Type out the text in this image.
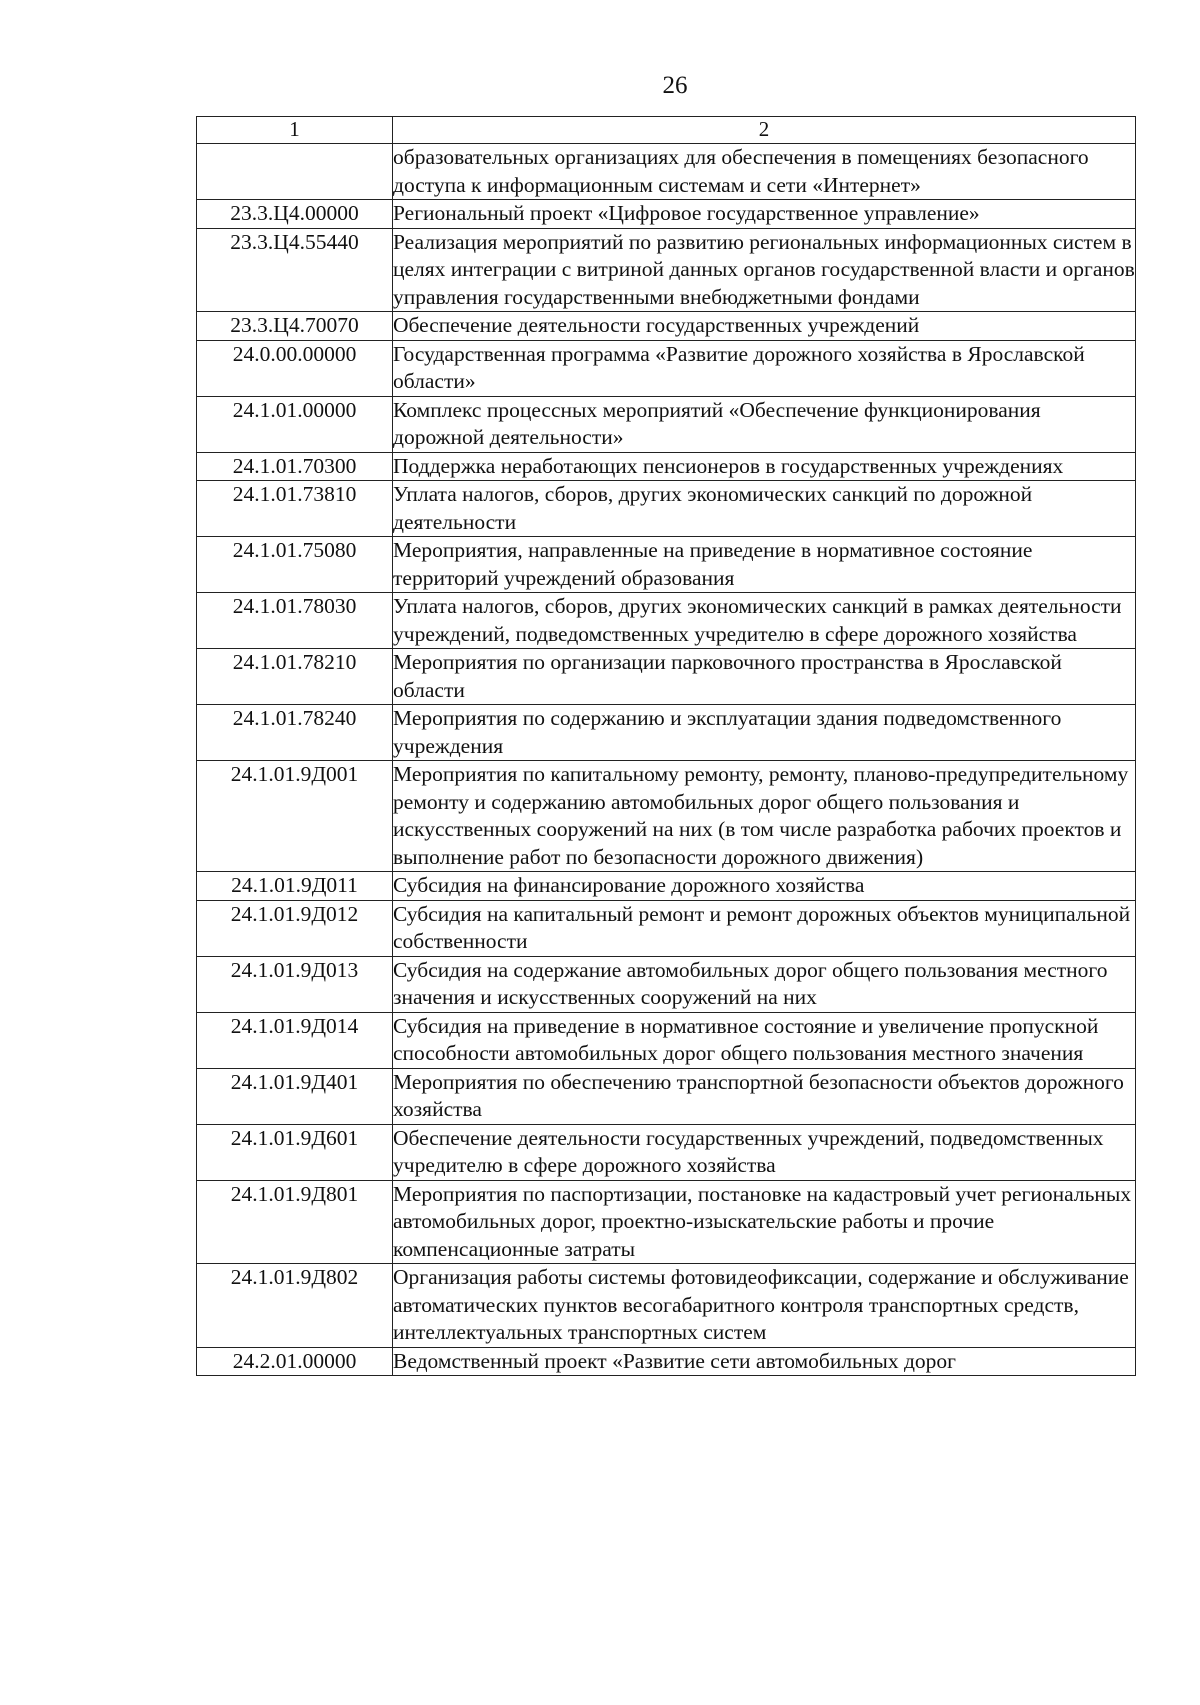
26
1	2
	образовательных организациях для обеспечения в помещениях безопасного доступа к информационным системам и сети «Интернет»
23.3.Ц4.00000	Региональный проект «Цифровое государственное управление»
23.3.Ц4.55440	Реализация мероприятий по развитию региональных информационных систем в целях интеграции с витриной данных органов государственной власти и органов управления государственными внебюджетными фондами
23.3.Ц4.70070	Обеспечение деятельности государственных учреждений
24.0.00.00000	Государственная программа «Развитие дорожного хозяйства в Ярославской области»
24.1.01.00000	Комплекс процессных мероприятий «Обеспечение функционирования дорожной деятельности»
24.1.01.70300	Поддержка неработающих пенсионеров в государственных учреждениях
24.1.01.73810	Уплата налогов, сборов, других экономических санкций по дорожной деятельности
24.1.01.75080	Мероприятия, направленные на приведение в нормативное состояние территорий учреждений образования
24.1.01.78030	Уплата налогов, сборов, других экономических санкций в рамках деятельности учреждений, подведомственных учредителю в сфере дорожного хозяйства
24.1.01.78210	Мероприятия по организации парковочного пространства в Ярославской области
24.1.01.78240	Мероприятия по содержанию и эксплуатации здания подведомственного учреждения
24.1.01.9Д001	Мероприятия по капитальному ремонту, ремонту, планово-предупредительному ремонту и содержанию автомобильных дорог общего пользования и искусственных сооружений на них (в том числе разработка рабочих проектов и выполнение работ по безопасности дорожного движения)
24.1.01.9Д011	Субсидия на финансирование дорожного хозяйства
24.1.01.9Д012	Субсидия на капитальный ремонт и ремонт дорожных объектов муниципальной собственности
24.1.01.9Д013	Субсидия на содержание автомобильных дорог общего пользования местного значения и искусственных сооружений на них
24.1.01.9Д014	Субсидия на приведение в нормативное состояние и увеличение пропускной способности автомобильных дорог общего пользования местного значения
24.1.01.9Д401	Мероприятия по обеспечению транспортной безопасности объектов дорожного хозяйства
24.1.01.9Д601	Обеспечение деятельности государственных учреждений, подведомственных учредителю в сфере дорожного хозяйства
24.1.01.9Д801	Мероприятия по паспортизации, постановке на кадастровый учет региональных автомобильных дорог, проектно-изыскательские работы и прочие компенсационные затраты
24.1.01.9Д802	Организация работы системы фотовидеофиксации, содержание и обслуживание автоматических пунктов весогабаритного контроля транспортных средств, интеллектуальных транспортных систем
24.2.01.00000	Ведомственный проект «Развитие сети автомобильных дорог
